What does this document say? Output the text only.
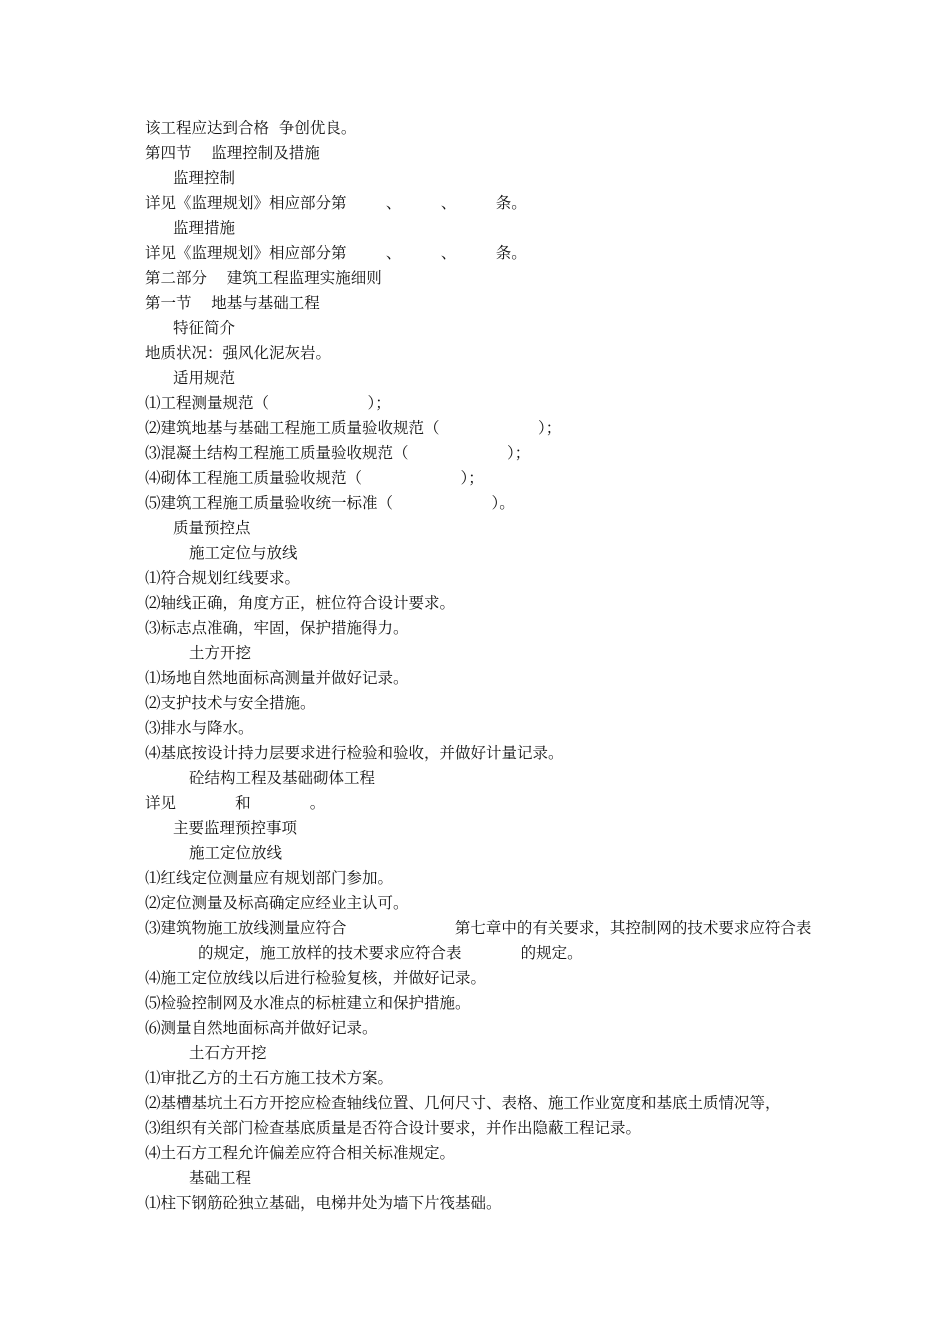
该工程应达到合格  争创优良。
第四节    监理控制及措施
监理控制
详见《监理规划》相应部分第        、        、        条。
监理措施
详见《监理规划》相应部分第        、        、        条。
第二部分    建筑工程监理实施细则
第一节    地基与基础工程
特征简介
地质状况：强风化泥灰岩。
适用规范
⑴工程测量规范（                    ）；
⑵建筑地基与基础工程施工质量验收规范（                    ）；
⑶混凝土结构工程施工质量验收规范（                    ）；
⑷砌体工程施工质量验收规范（                    ）；
⑸建筑工程施工质量验收统一标准（                    ）。
质量预控点
施工定位与放线
⑴符合规划红线要求。
⑵轴线正确，角度方正，桩位符合设计要求。
⑶标志点准确，牢固，保护措施得力。
土方开挖
⑴场地自然地面标高测量并做好记录。
⑵支护技术与安全措施。
⑶排水与降水。
⑷基底按设计持力层要求进行检验和验收，并做好计量记录。
砼结构工程及基础砌体工程
详见            和            。
主要监理预控事项
施工定位放线
⑴红线定位测量应有规划部门参加。
⑵定位测量及标高确定应经业主认可。
⑶建筑物施工放线测量应符合                      第七章中的有关要求，其控制网的技术要求应符合表
的规定，施工放样的技术要求应符合表            的规定。
⑷施工定位放线以后进行检验复核，并做好记录。
⑸检验控制网及水准点的标桩建立和保护措施。
⑹测量自然地面标高并做好记录。
土石方开挖
⑴审批乙方的土石方施工技术方案。
⑵基槽基坑土石方开挖应检查轴线位置、几何尺寸、表格、施工作业宽度和基底土质情况等，
⑶组织有关部门检查基底质量是否符合设计要求，并作出隐蔽工程记录。
⑷土石方工程允许偏差应符合相关标准规定。
基础工程
⑴柱下钢筋砼独立基础，电梯井处为墙下片筏基础。
